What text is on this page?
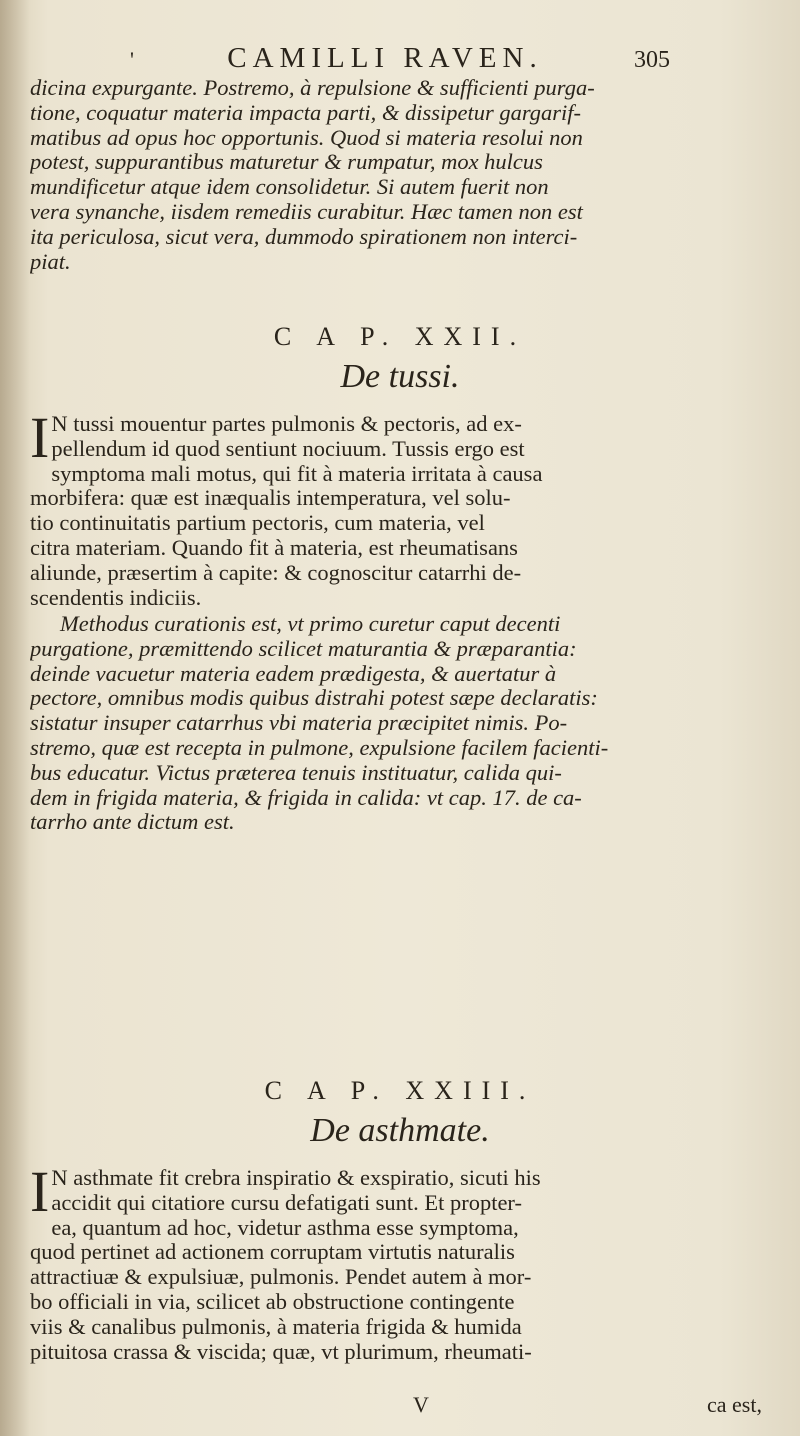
'	CAMILLI RAVEN.	305
dicina expurgante. Postremo, à repulsione & sufficienti purga-
tione, coquatur materia impacta parti, & dissipetur gargarif-
matibus ad opus hoc opportunis. Quod si materia resolui non
potest, suppurantibus maturetur & rumpatur, mox hulcus
mundificetur atque idem consolidetur. Si autem fuerit non
vera synanche, iisdem remediis curabitur. Hæc tamen non est
ita periculosa, sicut vera, dummodo spirationem non interci-
piat.
C A P. XXII.
De tussi.
I N tussi mouentur partes pulmonis & pectoris, ad ex-
pellendum id quod sentiunt nociuum. Tussis ergo est
symptoma mali motus, qui fit à materia irritata à causa
morbifera: quæ est inæqualis intemperatura, vel solu-
tio continuitatis partium pectoris, cum materia, vel
citra materiam. Quando fit à materia, est rheumatisans
aliunde, præsertim à capite: & cognoscitur catarrhi de-
scendentis indiciis.
Methodus curationis est, vt primo curetur caput decenti
purgatione, præmittendo scilicet maturantia & præparantia:
deinde vacuetur materia eadem prædigesta, & auertatur à
pectore, omnibus modis quibus distrahi potest sæpe declaratis:
sistatur insuper catarrhus vbi materia præcipitet nimis. Po-
stremo, quæ est recepta in pulmone, expulsione facilem facienti-
bus educatur. Victus præterea tenuis instituatur, calida qui-
dem in frigida materia, & frigida in calida: vt cap. 17. de ca-
tarrho ante dictum est.
C A P. XXIII.
De asthmate.
I N asthmate fit crebra inspiratio & exspiratio, sicuti his
accidit qui citatiore cursu defatigati sunt. Et propter-
ea, quantum ad hoc, videtur asthma esse symptoma,
quod pertinet ad actionem corruptam virtutis naturalis
attractiuæ & expulsiuæ, pulmonis. Pendet autem à mor-
bo officiali in via, scilicet ab obstructione contingente
viis & canalibus pulmonis, à materia frigida & humida
pituitosa crassa & viscida; quæ, vt plurimum, rheumati-
V	ca est,
